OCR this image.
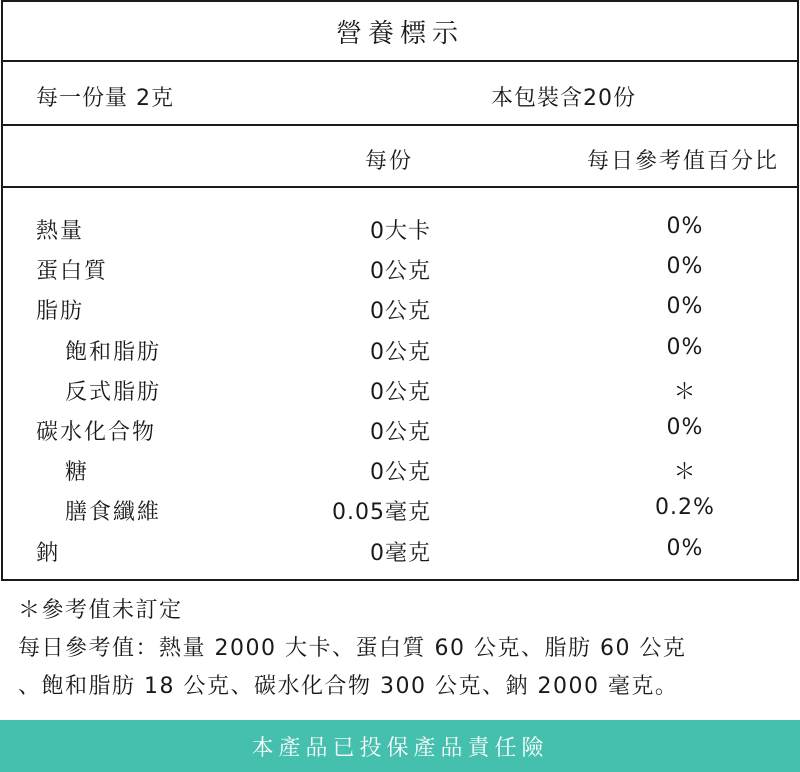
營養標示
每一份量 2克	本包裝含20份
每份	每日參考值百分比
熱量	0大卡	0%
蛋白質	0公克	0%
脂肪	0公克	0%
飽和脂肪	0公克	0%
反式脂肪	0公克	＊
碳水化合物	0公克	0%
糖	0公克	＊
膳食纖維	0.05毫克	0.2%
鈉	0毫克	0%

＊參考值未訂定

每日參考值：熱量 2000 大卡、蛋白質 60 公克、脂肪 60 公克

、飽和脂肪 18 公克、碳水化合物 300 公克、鈉 2000 毫克。

本產品已投保產品責任險
